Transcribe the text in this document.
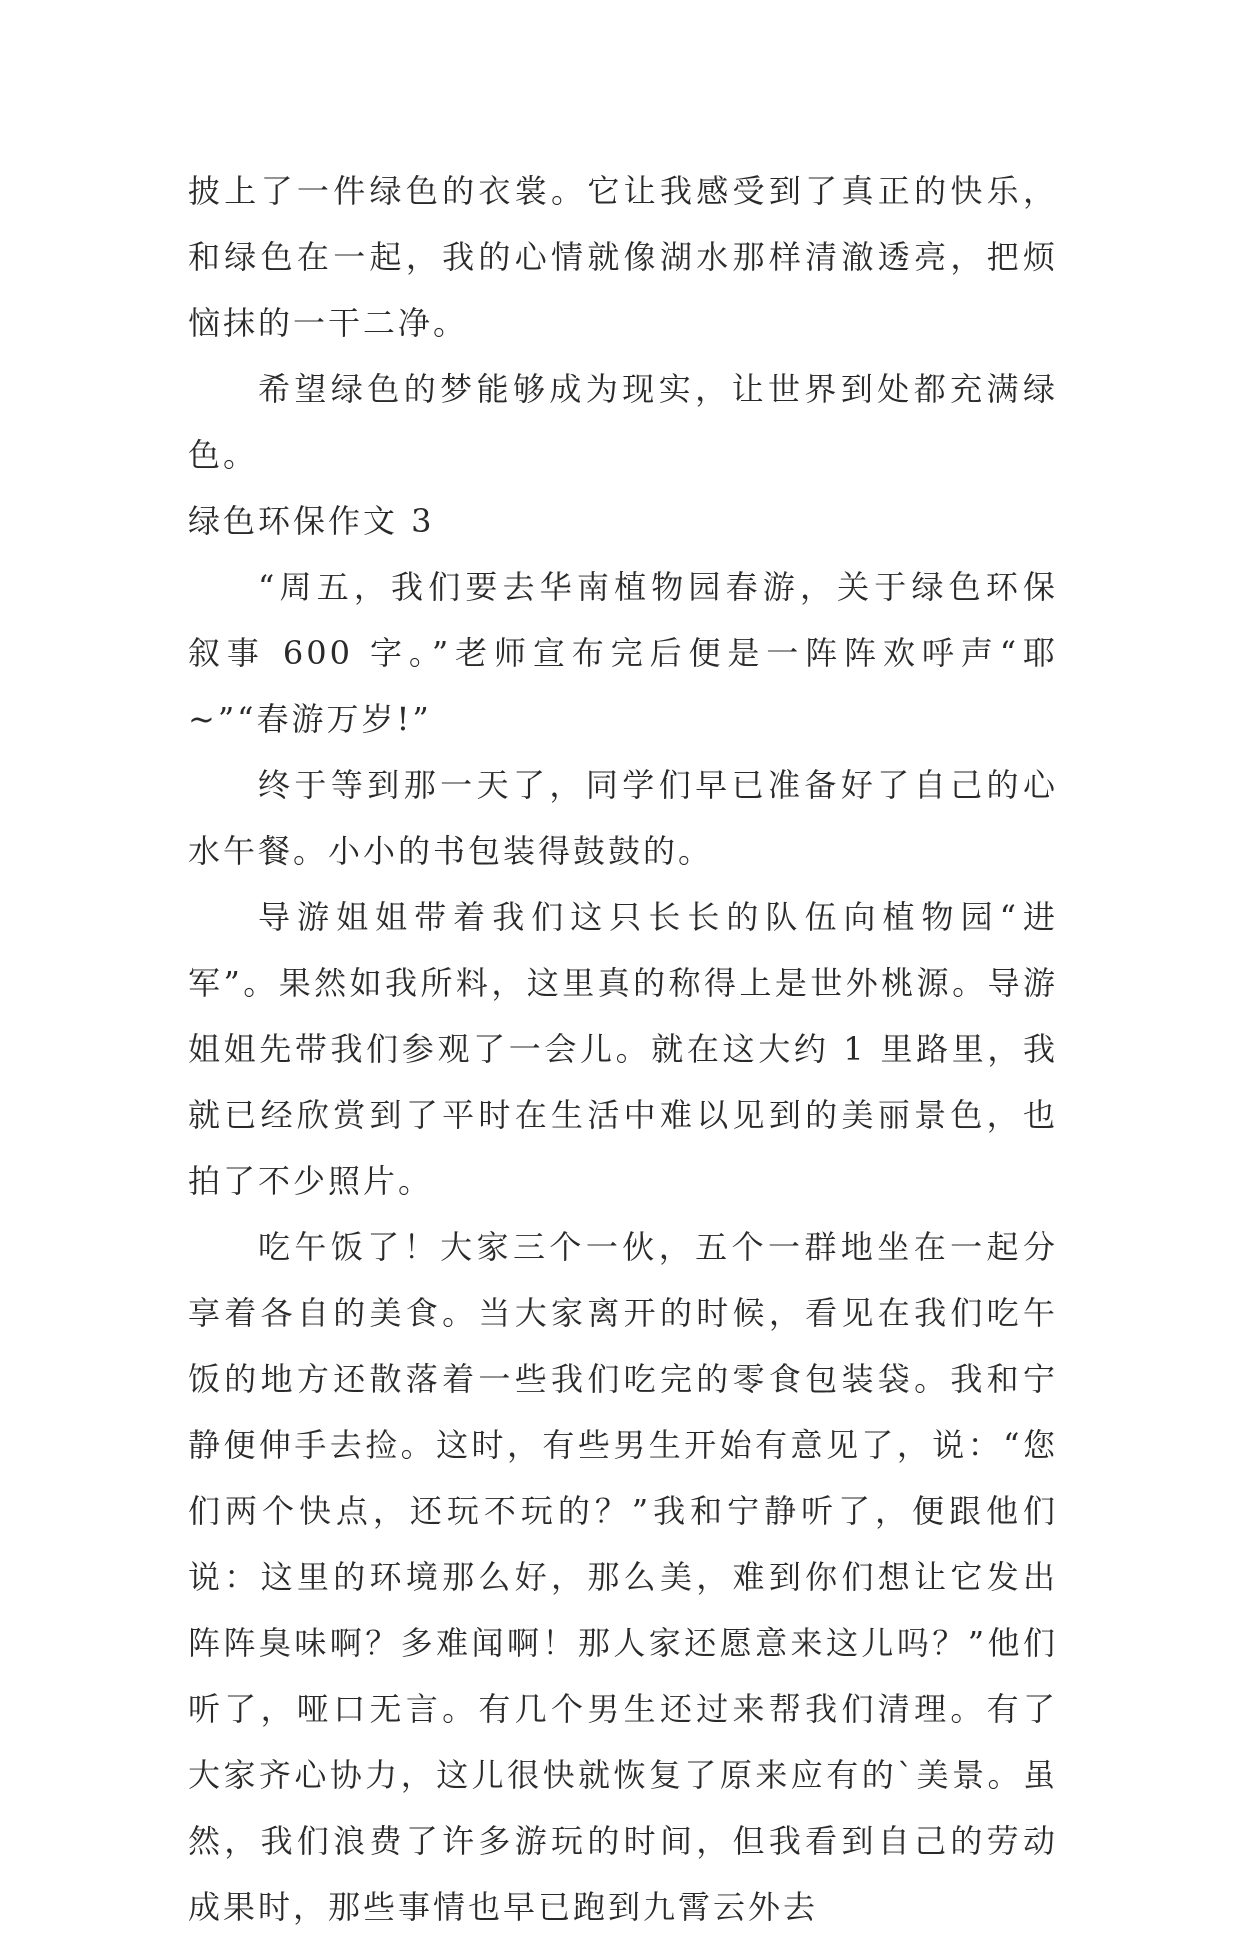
披上了一件绿色的衣裳。它让我感受到了真正的快乐，和绿色在一起，我的心情就像湖水那样清澈透亮，把烦恼抹的一干二净。

希望绿色的梦能够成为现实，让世界到处都充满绿色。

绿色环保作文 3

“周五，我们要去华南植物园春游，关于绿色环保 叙事 600 字。”老师宣布完后便是一阵阵欢呼声“耶~”“春游万岁!”

终于等到那一天了，同学们早已准备好了自己的心水午餐。小小的书包装得鼓鼓的。

导游姐姐带着我们这只长长的队伍向植物园“进军”。果然如我所料，这里真的称得上是世外桃源。导游姐姐先带我们参观了一会儿。就在这大约 1 里路里，我就已经欣赏到了平时在生活中难以见到的美丽景色，也拍了不少照片。

吃午饭了！大家三个一伙，五个一群地坐在一起分享着各自的美食。当大家离开的时候，看见在我们吃午饭的地方还散落着一些我们吃完的零食包装袋。我和宁静便伸手去捡。这时，有些男生开始有意见了，说：“您们两个快点，还玩不玩的？”我和宁静听了，便跟他们说：这里的环境那么好，那么美，难到你们想让它发出阵阵臭味啊？多难闻啊！那人家还愿意来这儿吗？”他们听了，哑口无言。有几个男生还过来帮我们清理。有了大家齐心协力，这儿很快就恢复了原来应有的`美景。虽然，我们浪费了许多游玩的时间，但我看到自己的劳动成果时，那些事情也早已跑到九霄云外去
